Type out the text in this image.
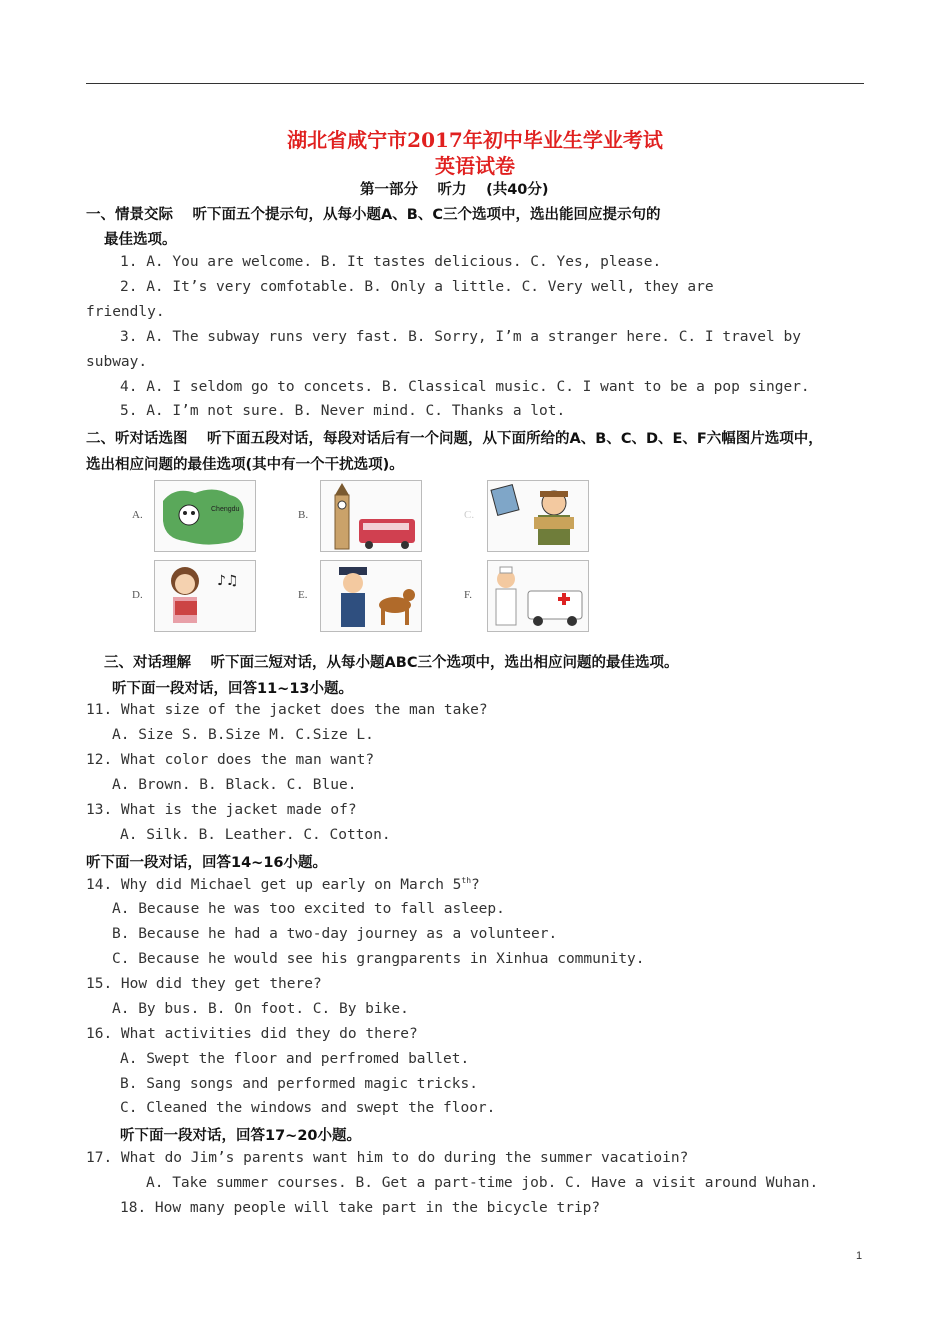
湖北省咸宁市2017年初中毕业生学业考试
英语试卷
第一部分　 听力　 (共40分)
一、情景交际　 听下面五个提示句，从每小题A、B、C三个选项中，选出能回应提示句的
最佳选项。
1. A. You are welcome. B. It tastes delicious. C. Yes, please.
2. A. It’s very comfotable. B. Only a little. C. Very well, they are
friendly.
3. A. The subway runs very fast. B. Sorry, I’m a stranger here. C. I travel by
subway.
4. A. I seldom go to concets. B. Classical music. C. I want to be a pop singer.
5. A. I’m not sure. B. Never mind. C. Thanks a lot.
二、听对话选图　 听下面五段对话，每段对话后有一个问题，从下面所给的A、B、C、D、E、F六幅图片选项中，
选出相应问题的最佳选项(其中有一个干扰选项)。
A.	Chengdu	B.	C.
D.
♪♫
E.	F.
三、对话理解　 听下面三短对话，从每小题ABC三个选项中，选出相应问题的最佳选项。
听下面一段对话，回答11~13小题。
11. What size of the jacket does the man take?
A. Size S. B.Size M. C.Size L.
12. What color does the man want?
A. Brown. B. Black. C. Blue.
13. What is the jacket made of?
A. Silk. B. Leather. C. Cotton.
听下面一段对话，回答14~16小题。
14. Why did Michael get up early on March 5th?
A. Because he was too excited to fall asleep.
B. Because he had a two-day journey as a volunteer.
C. Because he would see his grangparents in Xinhua community.
15. How did they get there?
A. By bus. B. On foot. C. By bike.
16. What activities did they do there?
A. Swept the floor and perfromed ballet.
B. Sang songs and performed magic tricks.
C. Cleaned the windows and swept the floor.
听下面一段对话，回答17~20小题。
17. What do Jim’s parents want him to do during the summer vacatioin?
A. Take summer courses. B. Get a part-time job. C. Have a visit around Wuhan.
18. How many people will take part in the bicycle trip?
1
